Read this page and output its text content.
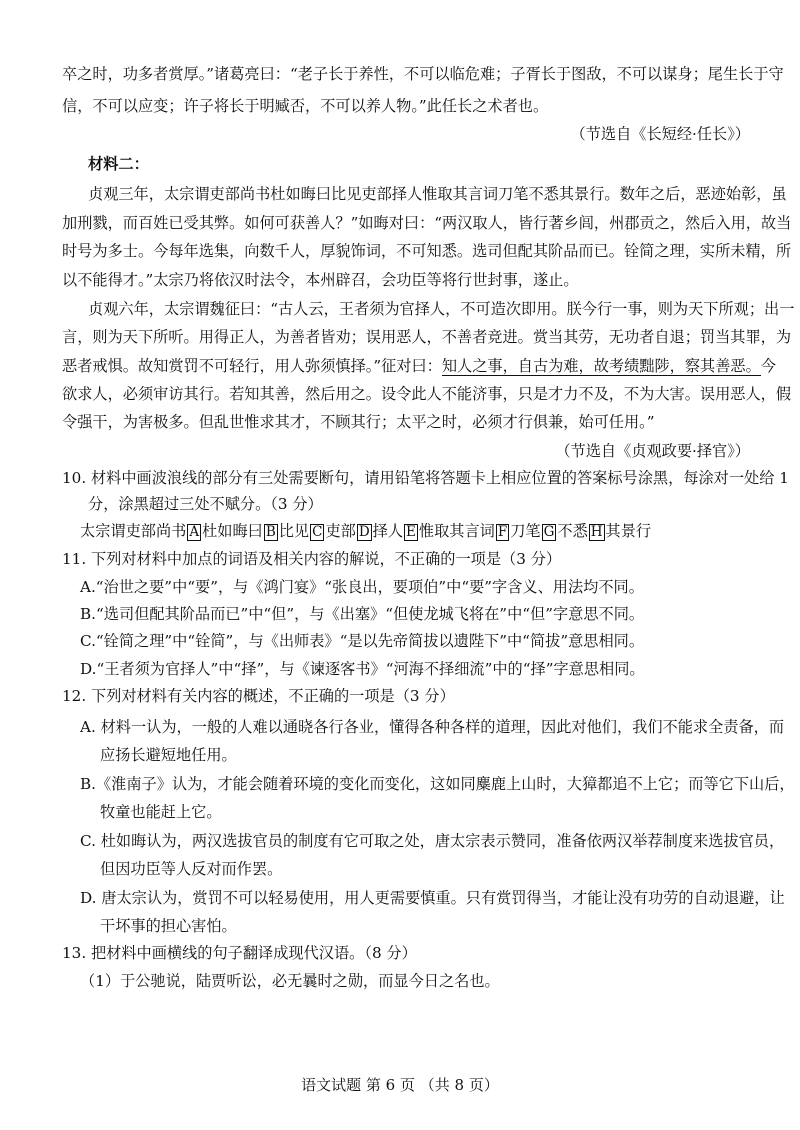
卒之时，功多者赏厚。”诸葛亮曰：“老子长于养性，不可以临危难；子胥长于图敌，不可以谋身；尾生长于守
信，不可以应变；许子将长于明臧否，不可以养人物。”此任长之术者也。
（节选自《长短经·任长》）
材料二：
贞观三年，太宗谓吏部尚书杜如晦曰比见吏部择人惟取其言词刀笔不悉其景行。数年之后，恶迹始彰，虽
加刑戮，而百姓已受其弊。如何可获善人？”如晦对曰：“两汉取人，皆行著乡闾，州郡贡之，然后入用，故当
时号为多士。今每年选集，向数千人，厚貌饰词，不可知悉。选司但配其阶品而已。铨简之理，实所未精，所
以不能得才。”太宗乃将依汉时法令，本州辟召，会功臣等将行世封事，遂止。
贞观六年，太宗谓魏征曰：“古人云，王者须为官择人，不可造次即用。朕今行一事，则为天下所观；出一
言，则为天下所听。用得正人，为善者皆劝；误用恶人，不善者竞进。赏当其劳，无功者自退；罚当其罪，为
恶者戒惧。故知赏罚不可轻行，用人弥须慎择。”征对曰：知人之事，自古为难，故考绩黜陟，察其善恶。今
欲求人，必须审访其行。若知其善，然后用之。设令此人不能济事，只是才力不及，不为大害。误用恶人，假
令强干，为害极多。但乱世惟求其才，不顾其行；太平之时，必须才行俱兼，始可任用。”
（节选自《贞观政要·择官》）
10. 材料中画波浪线的部分有三处需要断句，请用铅笔将答题卡上相应位置的答案标号涂黑，每涂对一处给 1
分，涂黑超过三处不赋分。（3 分）
太宗谓吏部尚书 A 杜如晦曰 B 比见 C 吏部 D 择人 E 惟取其言词 F 刀笔 G 不悉 H 其景行
11. 下列对材料中加点的词语及相关内容的解说，不正确的一项是（3 分）
A.“治世之要”中“要”，与《鸿门宴》“张良出，要项伯”中“要”字含义、用法均不同。
B.“选司但配其阶品而已”中“但”，与《出塞》“但使龙城飞将在”中“但”字意思不同。
C.“铨简之理”中“铨简”，与《出师表》“是以先帝简拔以遗陛下”中“简拔”意思相同。
D.“王者须为官择人”中“择”，与《谏逐客书》“河海不择细流”中的“择”字意思相同。
12. 下列对材料有关内容的概述，不正确的一项是（3 分）
A. 材料一认为，一般的人难以通晓各行各业，懂得各种各样的道理，因此对他们，我们不能求全责备，而
应扬长避短地任用。
B.《淮南子》认为，才能会随着环境的变化而变化，这如同麋鹿上山时，大獐都追不上它；而等它下山后，
牧童也能赶上它。
C. 杜如晦认为，两汉选拔官员的制度有它可取之处，唐太宗表示赞同，准备依两汉举荐制度来选拔官员，
但因功臣等人反对而作罢。
D. 唐太宗认为，赏罚不可以轻易使用，用人更需要慎重。只有赏罚得当，才能让没有功劳的自动退避，让
干坏事的担心害怕。
13. 把材料中画横线的句子翻译成现代汉语。（8 分）
（1）于公驰说，陆贾听讼，必无曩时之勋，而显今日之名也。
语文试题 第 6 页 （共 8 页）
